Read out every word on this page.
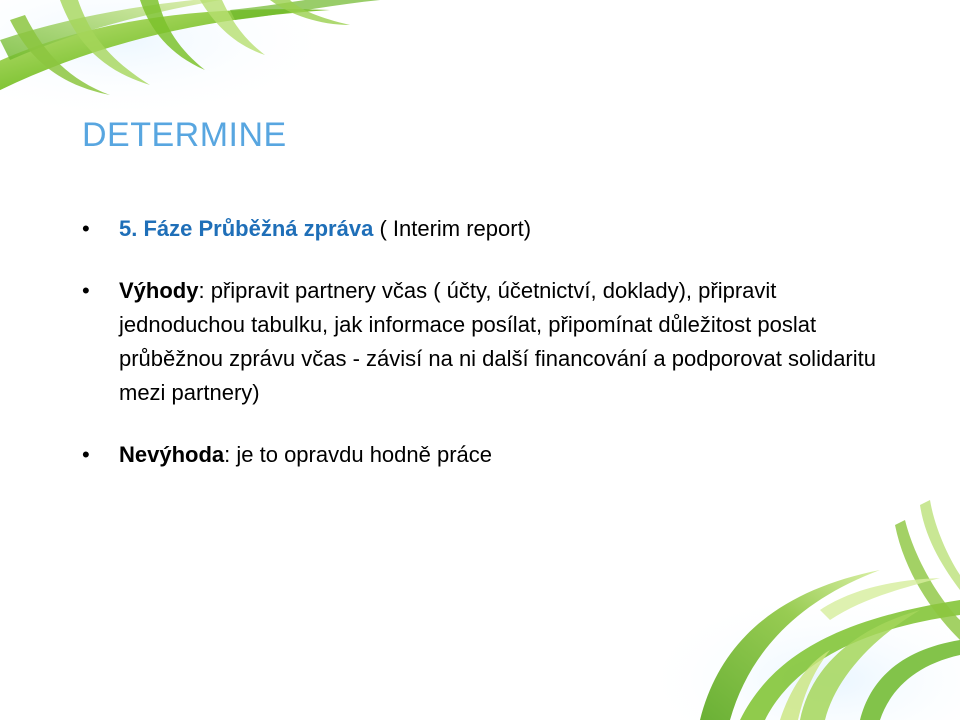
DETERMINE
• 5. Fáze Průběžná zpráva ( Interim report)
• Výhody: připravit partnery včas ( účty, účetnictví, doklady), připravit jednoduchou tabulku, jak informace posílat, připomínat důležitost poslat průběžnou zprávu včas - závisí na ni další financování a podporovat solidaritu mezi partnery)
• Nevýhoda: je to opravdu hodně práce
